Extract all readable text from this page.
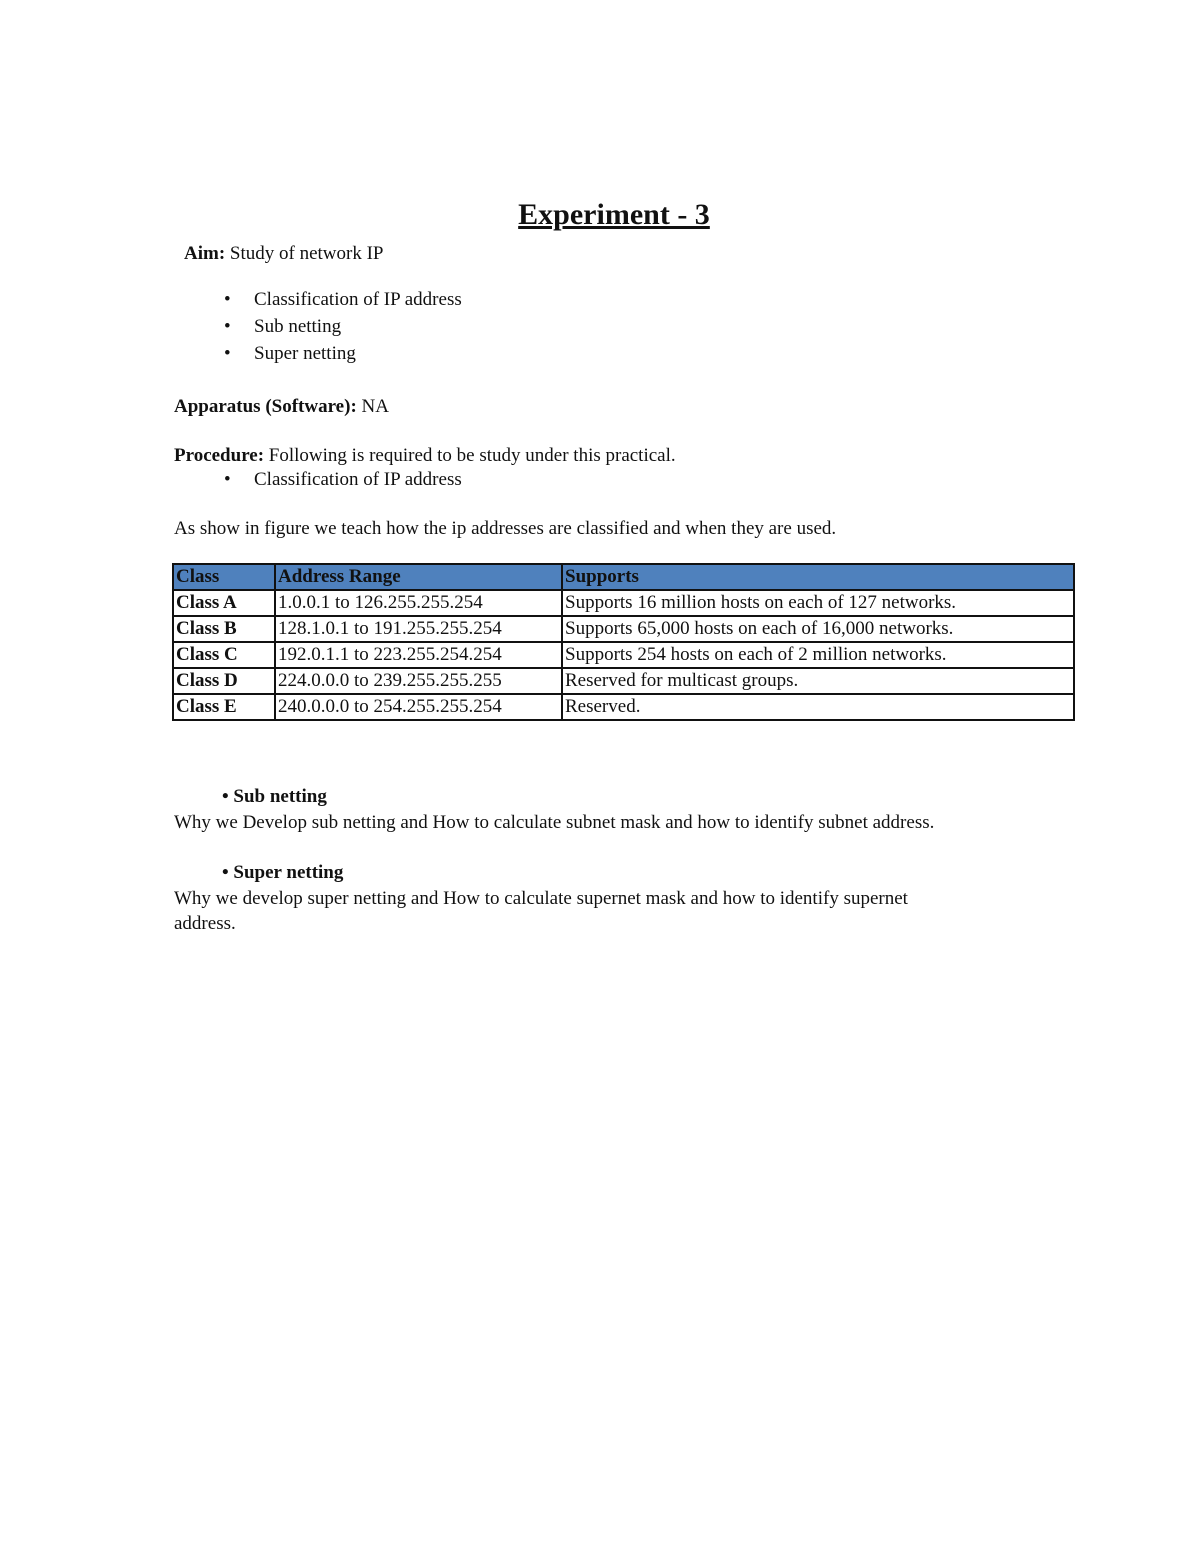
Experiment - 3
Aim: Study of network IP
• Classification of IP address
• Sub netting
• Super netting
Apparatus (Software): NA
Procedure: Following is required to be study under this practical.
• Classification of IP address
As show in figure we teach how the ip addresses are classified and when they are used.
Class	Address Range	Supports
Class A	1.0.0.1 to 126.255.255.254	Supports 16 million hosts on each of 127 networks.
Class B	128.1.0.1 to 191.255.255.254	Supports 65,000 hosts on each of 16,000 networks.
Class C	192.0.1.1 to 223.255.254.254	Supports 254 hosts on each of 2 million networks.
Class D	224.0.0.0 to 239.255.255.255	Reserved for multicast groups.
Class E	240.0.0.0 to 254.255.255.254	Reserved.
• Sub netting
Why we Develop sub netting and How to calculate subnet mask and how to identify subnet address.
• Super netting
Why we develop super netting and How to calculate supernet mask and how to identify supernet
address.
